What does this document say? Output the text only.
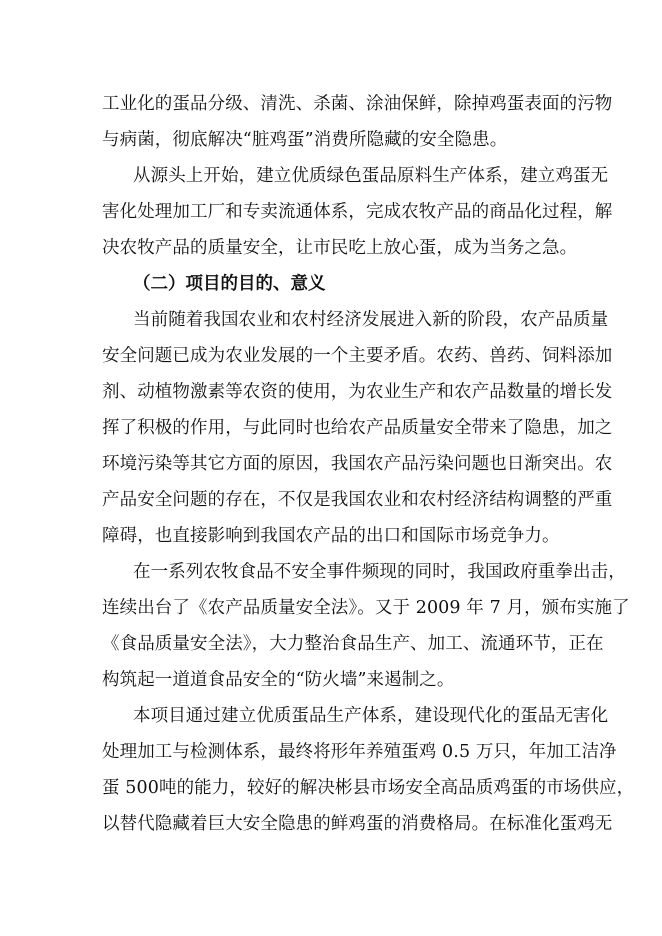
工业化的蛋品分级、清洗、杀菌、涂油保鲜，除掉鸡蛋表面的污物
与病菌，彻底解决“脏鸡蛋”消费所隐藏的安全隐患。
从源头上开始，建立优质绿色蛋品原料生产体系，建立鸡蛋无
害化处理加工厂和专卖流通体系，完成农牧产品的商品化过程，解
决农牧产品的质量安全，让市民吃上放心蛋，成为当务之急。
（二）项目的目的、意义
当前随着我国农业和农村经济发展进入新的阶段，农产品质量
安全问题已成为农业发展的一个主要矛盾。农药、兽药、饲料添加
剂、动植物激素等农资的使用，为农业生产和农产品数量的增长发
挥了积极的作用，与此同时也给农产品质量安全带来了隐患，加之
环境污染等其它方面的原因，我国农产品污染问题也日渐突出。农
产品安全问题的存在，不仅是我国农业和农村经济结构调整的严重
障碍，也直接影响到我国农产品的出口和国际市场竞争力。
在一系列农牧食品不安全事件频现的同时，我国政府重拳出击，
连续出台了《农产品质量安全法》。又于 2009 年 7 月，颁布实施了
《食品质量安全法》，大力整治食品生产、加工、流通环节，正在
构筑起一道道食品安全的“防火墙”来遏制之。
本项目通过建立优质蛋品生产体系，建设现代化的蛋品无害化
处理加工与检测体系，最终将形年养殖蛋鸡 0.5 万只，年加工洁净
蛋 500吨的能力，较好的解决彬县市场安全高品质鸡蛋的市场供应，
以替代隐藏着巨大安全隐患的鲜鸡蛋的消费格局。在标准化蛋鸡无
